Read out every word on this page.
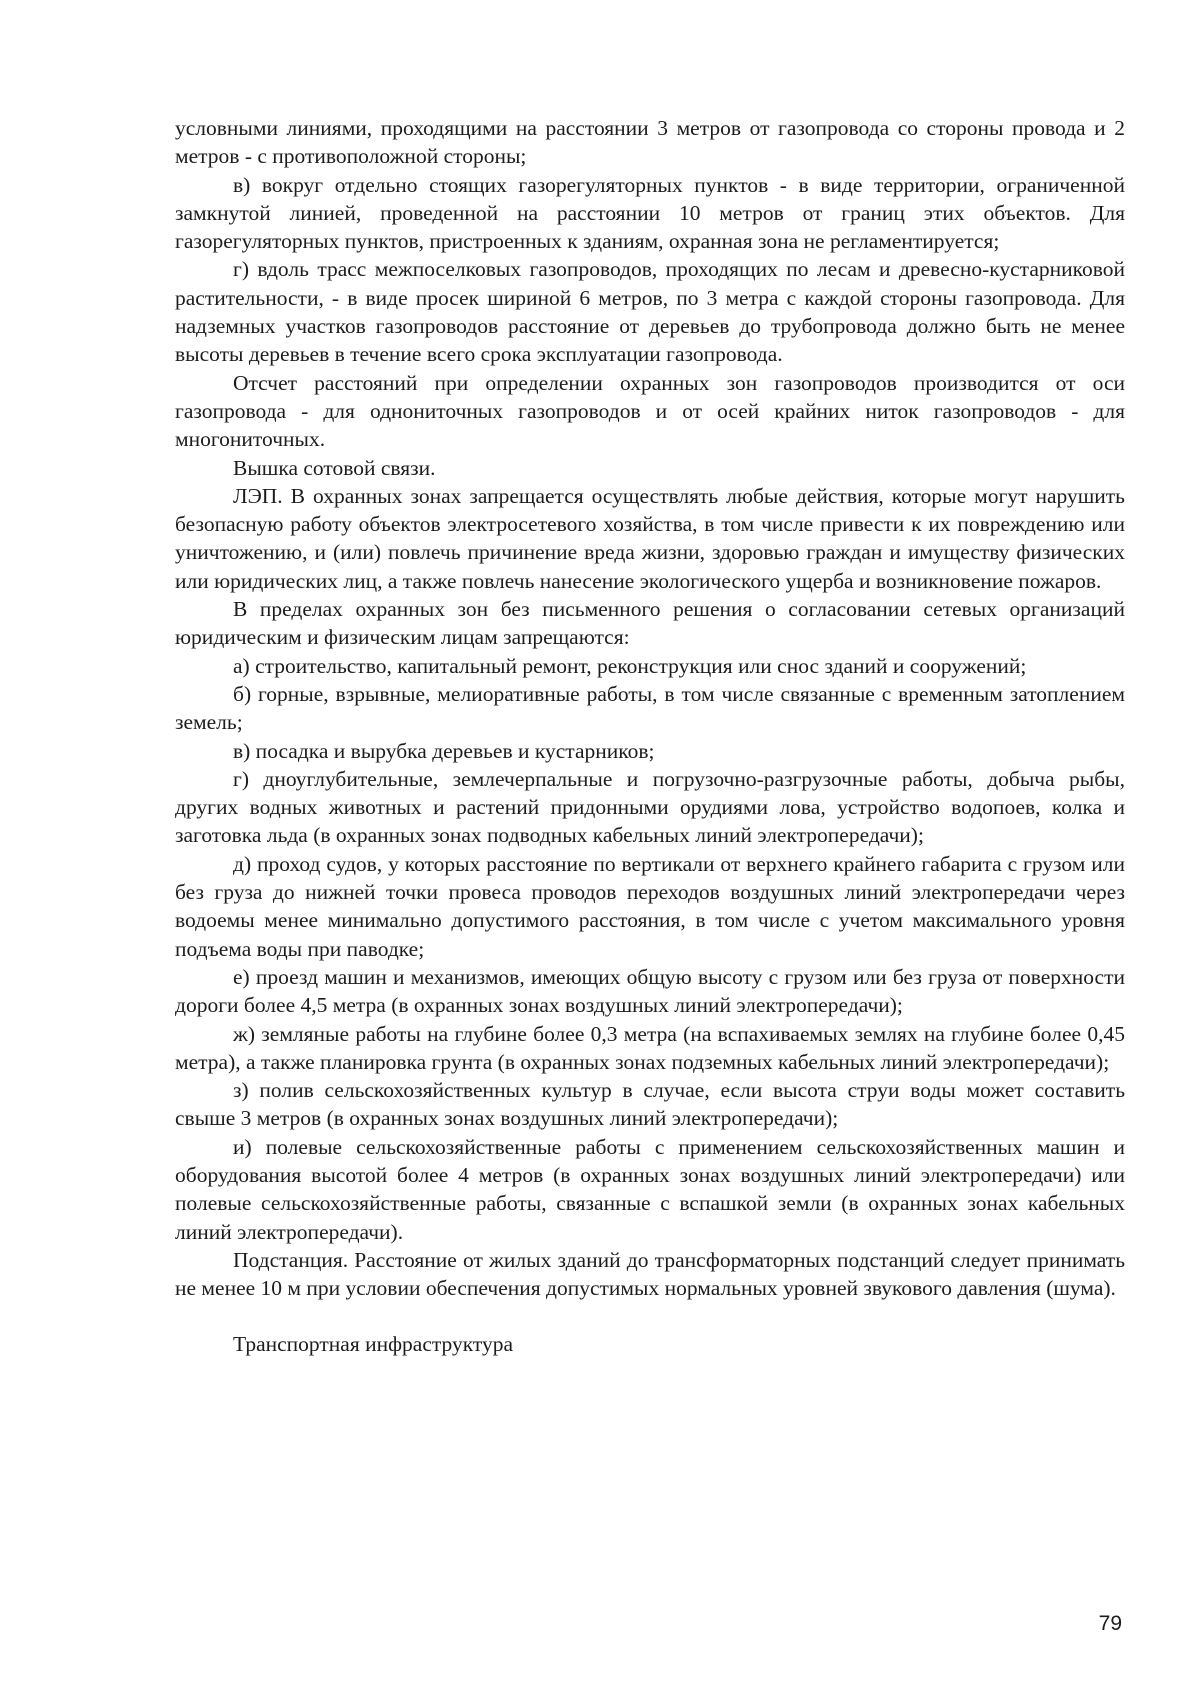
условными линиями, проходящими на расстоянии 3 метров от газопровода со стороны провода и 2 метров - с противоположной стороны;

в) вокруг отдельно стоящих газорегуляторных пунктов - в виде территории, ограниченной замкнутой линией, проведенной на расстоянии 10 метров от границ этих объектов. Для газорегуляторных пунктов, пристроенных к зданиям, охранная зона не регламентируется;

г) вдоль трасс межпоселковых газопроводов, проходящих по лесам и древесно-кустарниковой растительности, - в виде просек шириной 6 метров, по 3 метра с каждой стороны газопровода. Для надземных участков газопроводов расстояние от деревьев до трубопровода должно быть не менее высоты деревьев в течение всего срока эксплуатации газопровода.

Отсчет расстояний при определении охранных зон газопроводов производится от оси газопровода - для однониточных газопроводов и от осей крайних ниток газопроводов - для многониточных.

Вышка сотовой связи.

ЛЭП. В охранных зонах запрещается осуществлять любые действия, которые могут нарушить безопасную работу объектов электросетевого хозяйства, в том числе привести к их повреждению или уничтожению, и (или) повлечь причинение вреда жизни, здоровью граждан и имуществу физических или юридических лиц, а также повлечь нанесение экологического ущерба и возникновение пожаров.

В пределах охранных зон без письменного решения о согласовании сетевых организаций юридическим и физическим лицам запрещаются:

а) строительство, капитальный ремонт, реконструкция или снос зданий и сооружений;

б) горные, взрывные, мелиоративные работы, в том числе связанные с временным затоплением земель;

в) посадка и вырубка деревьев и кустарников;

г) дноуглубительные, землечерпальные и погрузочно-разгрузочные работы, добыча рыбы, других водных животных и растений придонными орудиями лова, устройство водопоев, колка и заготовка льда (в охранных зонах подводных кабельных линий электропередачи);

д) проход судов, у которых расстояние по вертикали от верхнего крайнего габарита с грузом или без груза до нижней точки провеса проводов переходов воздушных линий электропередачи через водоемы менее минимально допустимого расстояния, в том числе с учетом максимального уровня подъема воды при паводке;

е) проезд машин и механизмов, имеющих общую высоту с грузом или без груза от поверхности дороги более 4,5 метра (в охранных зонах воздушных линий электропередачи);

ж) земляные работы на глубине более 0,3 метра (на вспахиваемых землях на глубине более 0,45 метра), а также планировка грунта (в охранных зонах подземных кабельных линий электропередачи);

з) полив сельскохозяйственных культур в случае, если высота струи воды может составить свыше 3 метров (в охранных зонах воздушных линий электропередачи);

и) полевые сельскохозяйственные работы с применением сельскохозяйственных машин и оборудования высотой более 4 метров (в охранных зонах воздушных линий электропередачи) или полевые сельскохозяйственные работы, связанные с вспашкой земли (в охранных зонах кабельных линий электропередачи).

Подстанция. Расстояние от жилых зданий до трансформаторных подстанций следует принимать не менее 10 м при условии обеспечения допустимых нормальных уровней звукового давления (шума).

Транспортная инфраструктура

79
